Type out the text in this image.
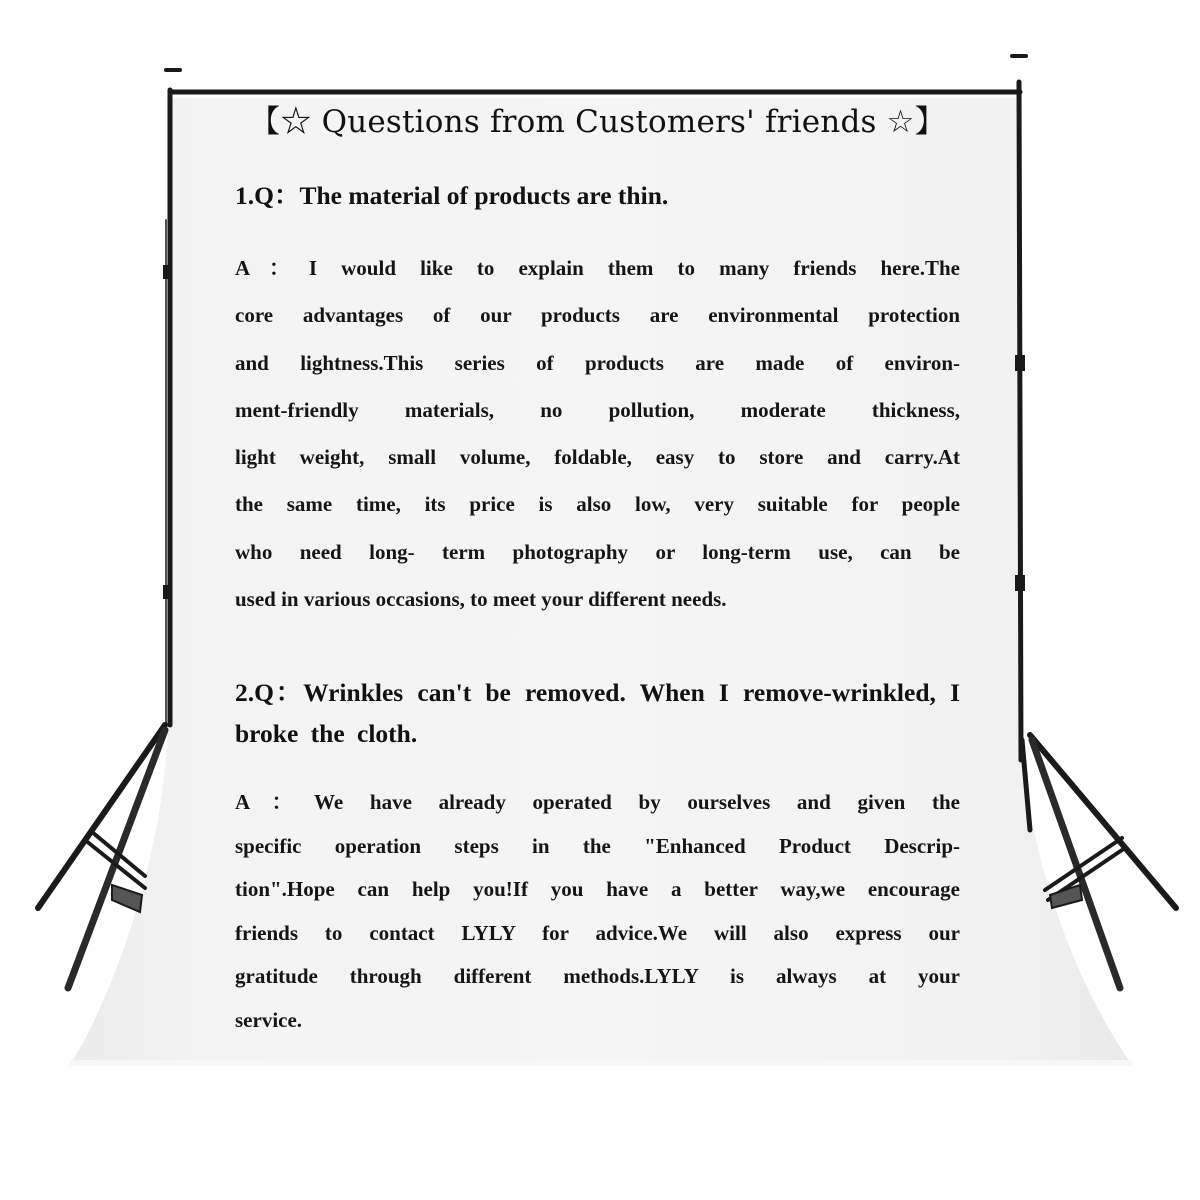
【☆ Questions from Customers' friends ☆】
1.Q：The material of products are thin.
A：I would like to explain them to many friends here.The
core advantages of our products are environmental protection
and lightness.This series of products are made of environ-
ment-friendly materials, no pollution, moderate thickness,
light weight, small volume, foldable, easy to store and carry.At
the same time, its price is also low, very suitable for people
who need long- term photography or long-term use, can be
used in various occasions, to meet your different needs.
2.Q：Wrinkles can't be removed. When I remove-wrinkled, I broke the cloth.
A：We have already operated by ourselves and given the
specific operation steps in the "Enhanced Product Descrip-
tion".Hope can help you!If you have a better way,we encourage
friends to contact LYLY for advice.We will also express our
gratitude through different methods.LYLY is always at your
service.
